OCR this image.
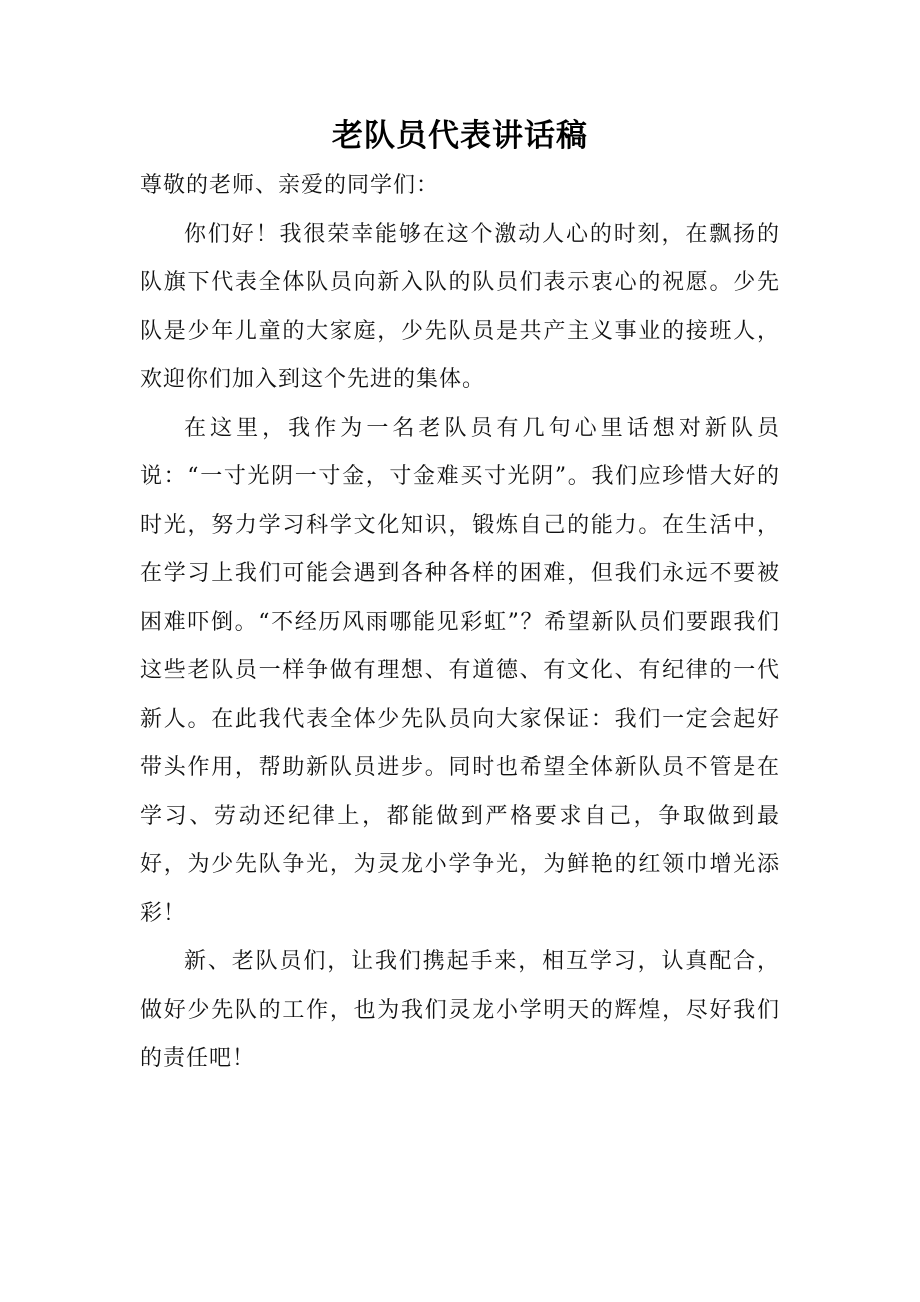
老队员代表讲话稿

尊敬的老师、亲爱的同学们：

你们好！我很荣幸能够在这个激动人心的时刻，在飘扬的队旗下代表全体队员向新入队的队员们表示衷心的祝愿。少先队是少年儿童的大家庭，少先队员是共产主义事业的接班人，欢迎你们加入到这个先进的集体。

在这里，我作为一名老队员有几句心里话想对新队员说：“一寸光阴一寸金，寸金难买寸光阴”。我们应珍惜大好的时光，努力学习科学文化知识，锻炼自己的能力。在生活中，在学习上我们可能会遇到各种各样的困难，但我们永远不要被困难吓倒。“不经历风雨哪能见彩虹”？希望新队员们要跟我们这些老队员一样争做有理想、有道德、有文化、有纪律的一代新人。在此我代表全体少先队员向大家保证：我们一定会起好带头作用，帮助新队员进步。同时也希望全体新队员不管是在学习、劳动还纪律上，都能做到严格要求自己，争取做到最好，为少先队争光，为灵龙小学争光，为鲜艳的红领巾增光添彩！

新、老队员们，让我们携起手来，相互学习，认真配合，做好少先队的工作，也为我们灵龙小学明天的辉煌，尽好我们的责任吧！
